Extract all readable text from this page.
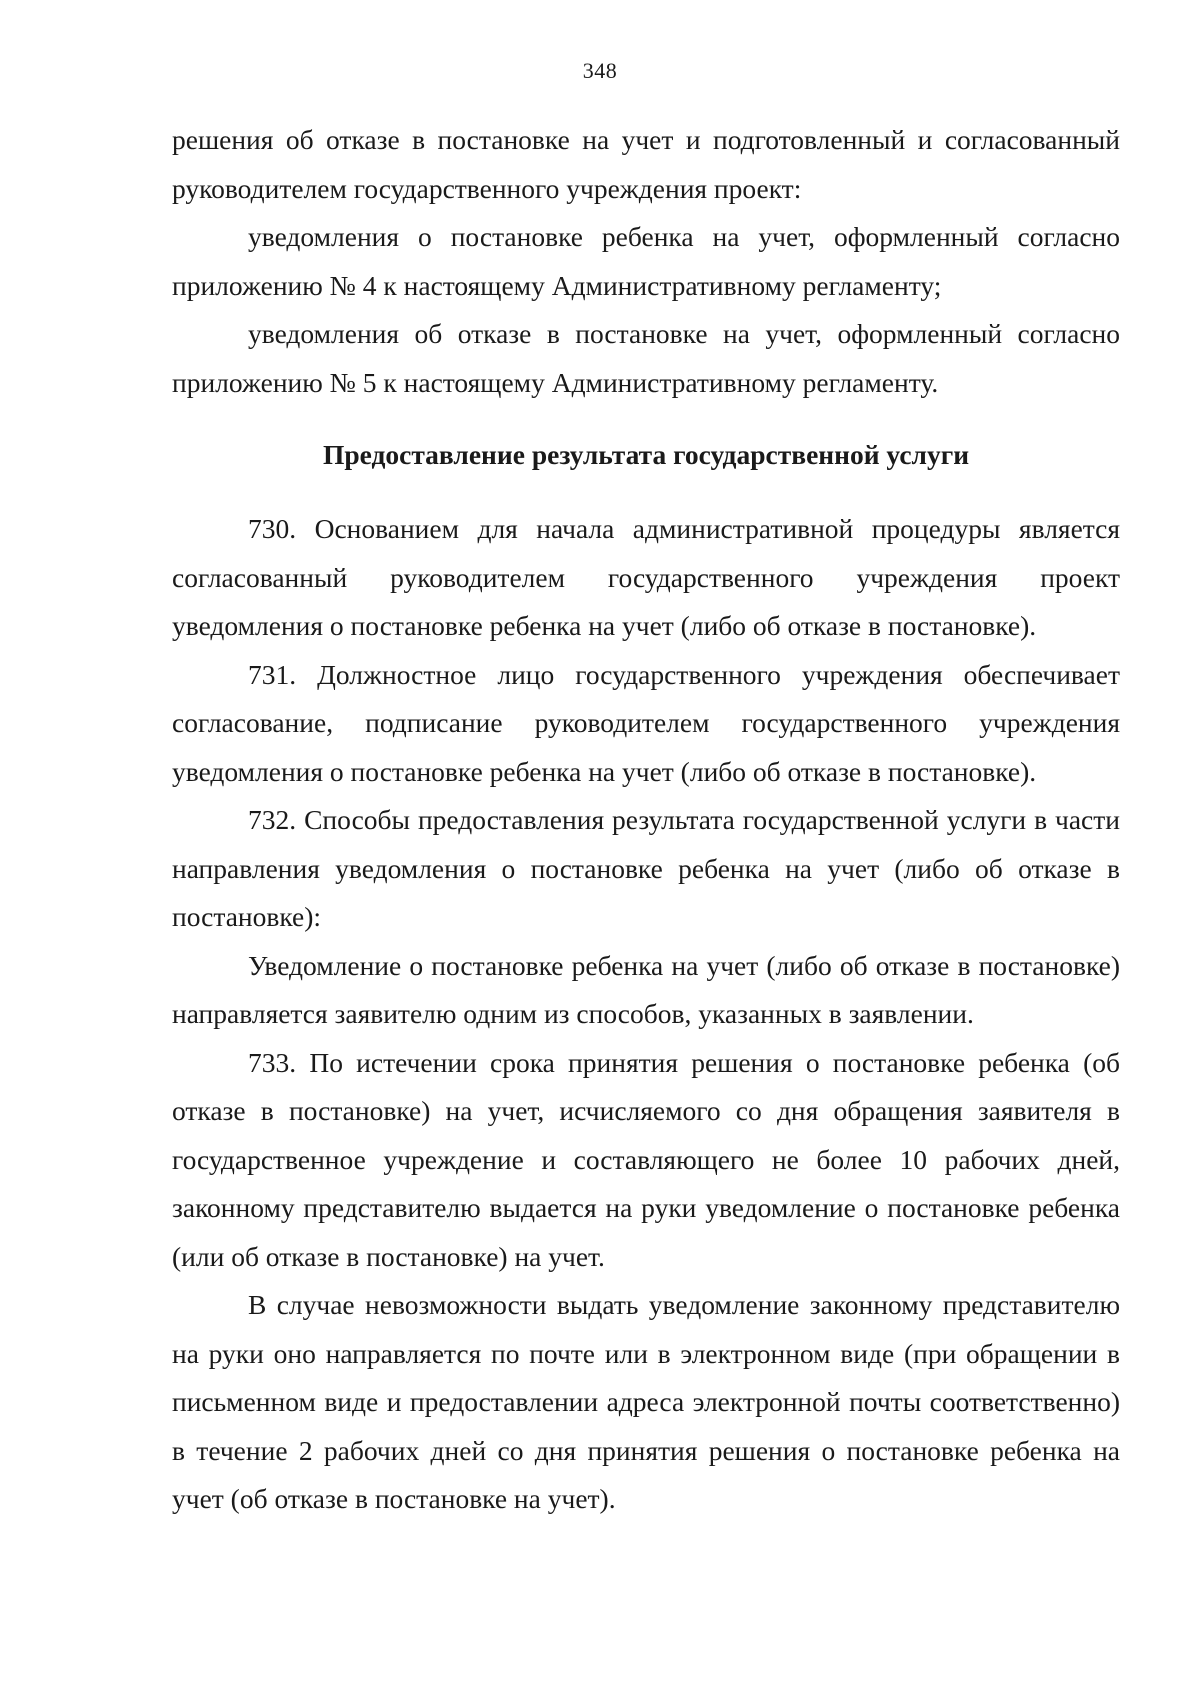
348

решения об отказе в постановке на учет и подготовленный и согласованный руководителем государственного учреждения проект:

уведомления о постановке ребенка на учет, оформленный согласно приложению № 4 к настоящему Административному регламенту;

уведомления об отказе в постановке на учет, оформленный согласно приложению № 5 к настоящему Административному регламенту.

Предоставление результата государственной услуги

730. Основанием для начала административной процедуры является согласованный руководителем государственного учреждения проект уведомления о постановке ребенка на учет (либо об отказе в постановке).

731. Должностное лицо государственного учреждения обеспечивает согласование, подписание руководителем государственного учреждения уведомления о постановке ребенка на учет (либо об отказе в постановке).

732. Способы предоставления результата государственной услуги в части направления уведомления о постановке ребенка на учет (либо об отказе в постановке):

Уведомление о постановке ребенка на учет (либо об отказе в постановке) направляется заявителю одним из способов, указанных в заявлении.

733. По истечении срока принятия решения о постановке ребенка (об отказе в постановке) на учет, исчисляемого со дня обращения заявителя в государственное учреждение и составляющего не более 10 рабочих дней, законному представителю выдается на руки уведомление о постановке ребенка (или об отказе в постановке) на учет.

В случае невозможности выдать уведомление законному представителю на руки оно направляется по почте или в электронном виде (при обращении в письменном виде и предоставлении адреса электронной почты соответственно) в течение 2 рабочих дней со дня принятия решения о постановке ребенка на учет (об отказе в постановке на учет).
